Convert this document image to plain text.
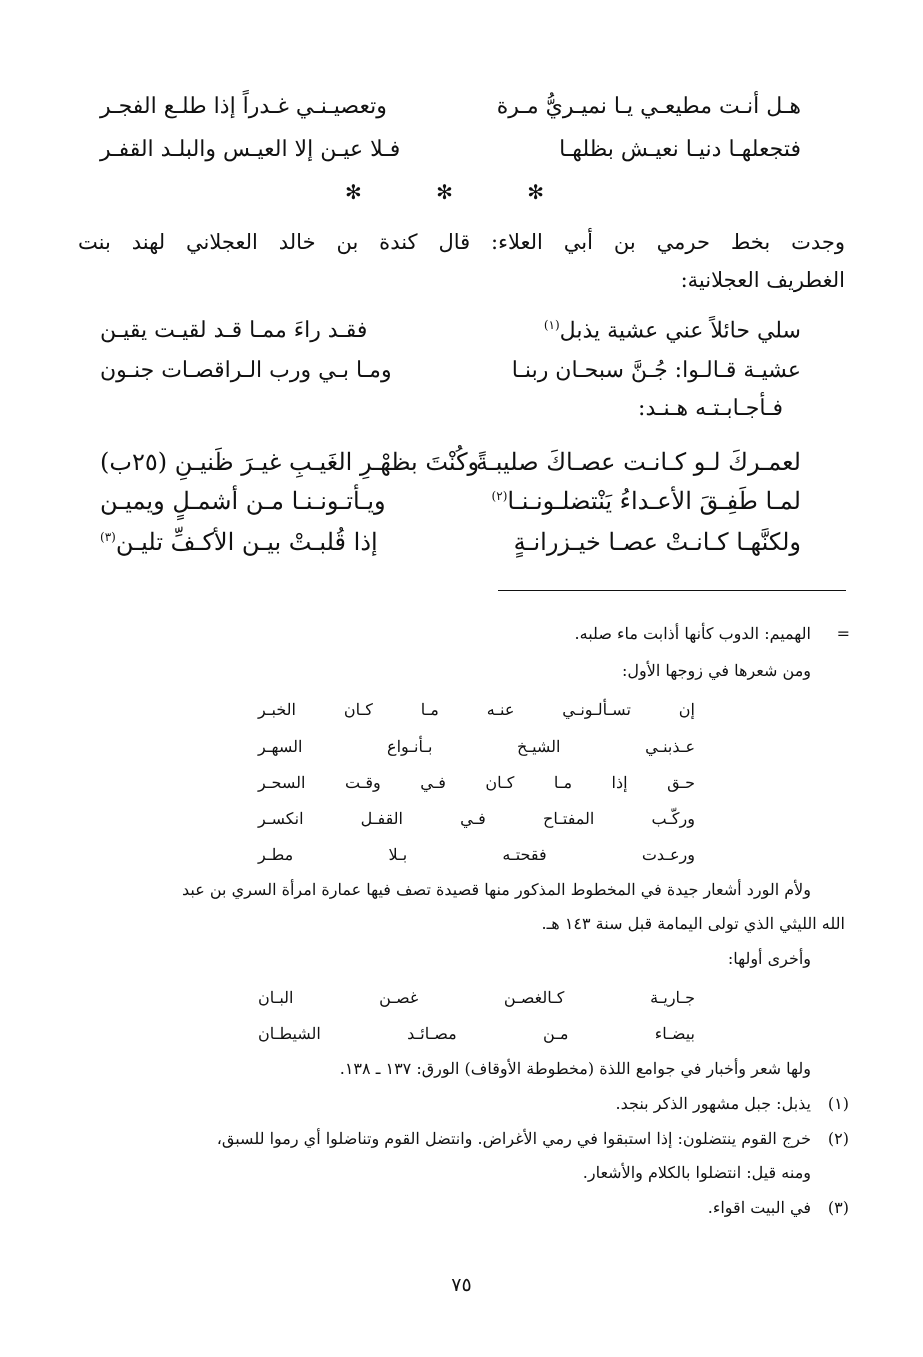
هـل أنـت مطيعـي يـا نميـريُّ مـرة
وتعصيـنـي غـدراً إذا طلـع الفجـر
فتجعلهـا دنيـا نعيـش بظلهـا
فـلا عيـن إلا العيـس والبلـد القفـر
✻ ✻ ✻
وجدت بخط حرمي بن أبي العلاء: قال كندة بن خالد العجلاني لهند بنت
الغطريف العجلانية:
سلي حائلاً عني عشية يذبل$^{(١)}$
فقـد راءَ ممـا قـد لقيـت يقيـن
عشيـة قـالـوا: جُـنَّ سبحـان ربنـا
ومـا بـي ورب الـراقصـات جنـون
فـأجـابـتـه هـنـد:
لعمـركَ لـو كـانـت عصـاكَ صليبـةً
وكُنْتَ بظهْـرِ الغَيـبِ غيـرَ ظَنيـنِ (٢٥ب)
لمـا طَفِـقَ الأعـداءُ يَنْتضلـونـنـا$^{(٢)}$
ويـأتـونـنـا مـن أشمـلٍ ويميـن
ولكنَّهـا كـانـتْ عصـا خيـزرانـةٍ
إذا قُلبـتْ بيـن الأكـفِّ تليـن$^{(٣)}$
=
الهميم: الدوب كأنها أذابت ماء صلبه.
ومن شعرها في زوجها الأول:
إن تسـألـونـي عنـه مـا كـان الخبـر
عـذبنـي الشيـخ بـأنـواع السهـر
حـق إذا مـا كـان فـي وقـت السحـر
وركّـب المفتـاح فـي القفـل انكسـر
ورعـدت فقحتـه بـلا مطـر
ولأم الورد أشعار جيدة في المخطوط المذكور منها قصيدة تصف فيها عمارة امرأة السري بن عبد
الله الليثي الذي تولى اليمامة قبل سنة ١٤٣ هـ.
وأخرى أولها:
جـاريـة كـالغصـن غصـن البـان
بيضـاء مـن مصـائـد الشيطـان
ولها شعر وأخبار في جوامع اللذة (مخطوطة الأوقاف) الورق: ١٣٧ ـ ١٣٨.
(١)
يذبل: جبل مشهور الذكر بنجد.
(٢)
خرج القوم ينتضلون: إذا استبقوا في رمي الأغراض. وانتضل القوم وتناضلوا أي رموا للسبق،
ومنه قيل: انتضلوا بالكلام والأشعار.
(٣)
في البيت اقواء.
٧٥
